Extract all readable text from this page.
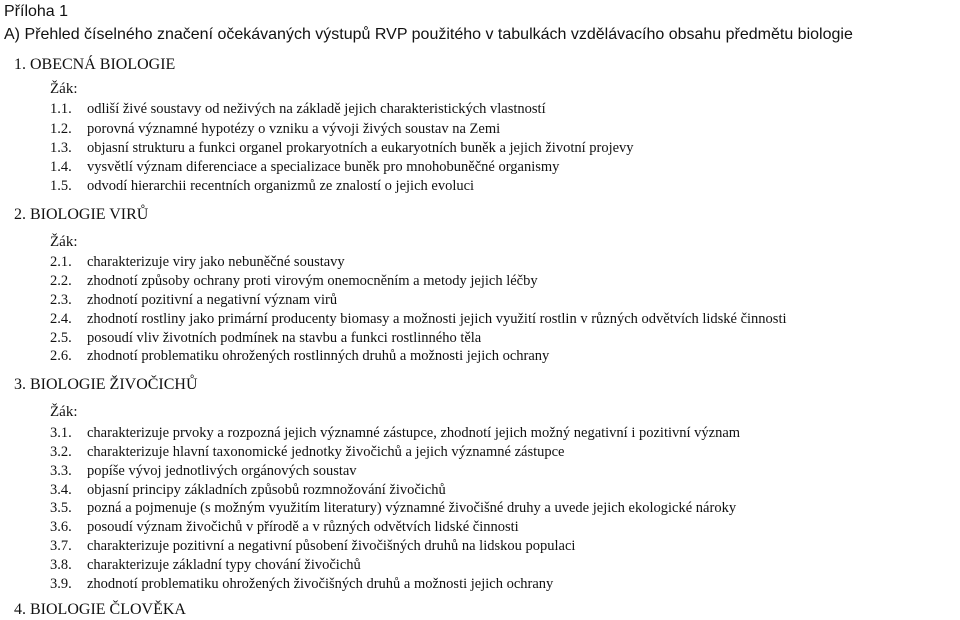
Příloha 1
A) Přehled číselného značení očekávaných výstupů RVP použitého v tabulkách vzdělávacího obsahu předmětu biologie
1. OBECNÁ BIOLOGIE
Žák:
1.1. odliší živé soustavy od neživých na základě jejich charakteristických vlastností
1.2. porovná významné hypotézy o vzniku a vývoji živých soustav na Zemi
1.3. objasní strukturu a funkci organel prokaryotních a eukaryotních buněk a jejich životní projevy
1.4. vysvětlí význam diferenciace a specializace buněk pro mnohobuněčné organismy
1.5. odvodí hierarchii recentních organizmů ze znalostí o jejich evoluci
2. BIOLOGIE VIRŮ
Žák:
2.1. charakterizuje viry jako nebuněčné soustavy
2.2. zhodnotí způsoby ochrany proti virovým onemocněním a metody jejich léčby
2.3. zhodnotí pozitivní a negativní význam virů
2.4. zhodnotí rostliny jako primární producenty biomasy a možnosti jejich využití rostlin v různých odvětvích lidské činnosti
2.5. posoudí vliv životních podmínek na stavbu a funkci rostlinného těla
2.6. zhodnotí problematiku ohrožených rostlinných druhů a možnosti jejich ochrany
3. BIOLOGIE ŽIVOČICHŮ
Žák:
3.1. charakterizuje prvoky a rozpozná jejich významné zástupce, zhodnotí jejich možný negativní i pozitivní význam
3.2. charakterizuje hlavní taxonomické jednotky živočichů a jejich významné zástupce
3.3. popíše vývoj jednotlivých orgánových soustav
3.4. objasní principy základních způsobů rozmnožování živočichů
3.5. pozná a pojmenuje (s možným využitím literatury) významné živočišné druhy a uvede jejich ekologické nároky
3.6. posoudí význam živočichů v přírodě a v různých odvětvích lidské činnosti
3.7. charakterizuje pozitivní a negativní působení živočišných druhů na lidskou populaci
3.8. charakterizuje základní typy chování živočichů
3.9. zhodnotí problematiku ohrožených živočišných druhů a možnosti jejich ochrany
4. BIOLOGIE ČLOVĚKA
